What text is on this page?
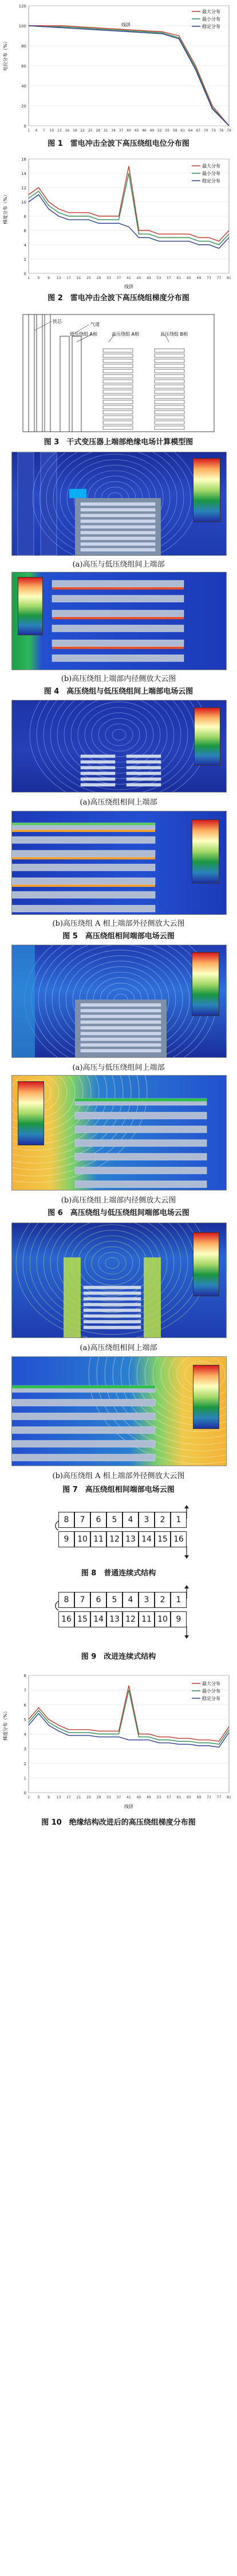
120
100
80
60
40
20
0
1 4 7 10 13 16 19 22 25 28 31 34 37 40 43 46 49 52 55 58 61 64 67 70 73 76 79
电位分布（%）
线饼
最大分布
最小分布
稳定分布
图 1　雷电冲击全波下高压绕组电位分布图
16
14
12
10
8
6
4
2
0
1 5 9 13 17 21 25 29 33 37 41 45 49 53 57 61 65 69 73 77 81
梯度分布（%）
线饼
最大分布
最小分布
稳定分布
图 2　雷电冲击全波下高压绕组梯度分布图
铁芯
气道
低压绕组 A相	高压绕组 A相	高压绕组 B相
图 3　干式变压器上端部绝缘电场计算模型图
(a)高压与低压绕组间上端部
(b)高压绕组上端部内径侧放大云图
图 4　高压绕组与低压绕组间上端部电场云图
(a)高压绕组相间上端部
(b)高压绕组 A 相上端部外径侧放大云图
图 5　高压绕组相间端部电场云图
(a)高压与低压绕组间上端部
(b)高压绕组上端部内径侧放大云图
图 6　高压绕组与低压绕组间端部电场云图
(a)高压绕组相间上端部
(b)高压绕组 A 相上端部外径侧放大云图
图 7　高压绕组相间端部电场云图
8	7	6	5	4	3	2	1
9	10 11 12 13 14 15 16
图 8　普通连续式结构
8	7	6	5	4	3	2	1
16 15 14 13 12 11 10	9
图 9　改进连续式结构
8
7
6
5
4
3
2
1
0
1 5 9 13 17 21 25 29 33 37 41 45 49 53 57 61 65 69 73 77 81
梯度分布（%）
线饼
最大分布
最小分布
稳定分布
图 10　绝缘结构改进后的高压绕组梯度分布图
